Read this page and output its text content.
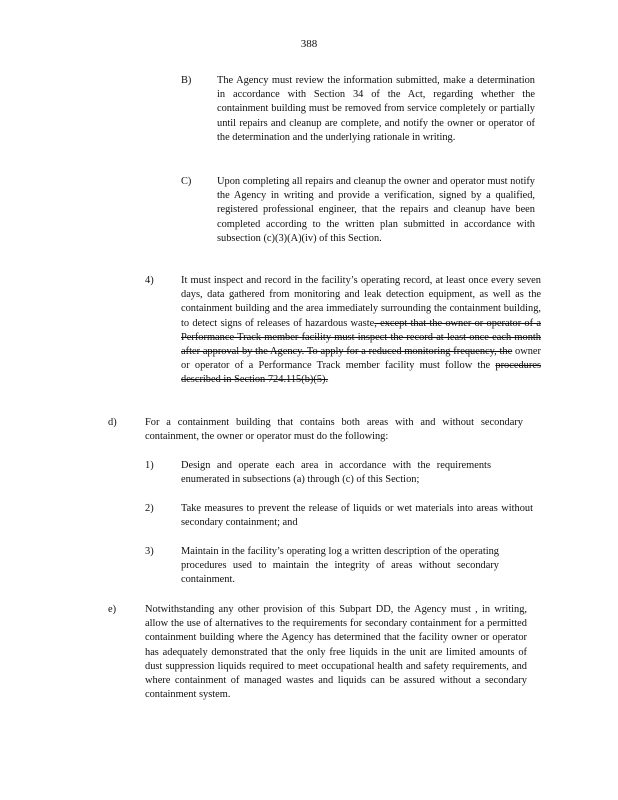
388
B) The Agency must review the information submitted, make a determination in accordance with Section 34 of the Act, regarding whether the containment building must be removed from service completely or partially until repairs and cleanup are complete, and notify the owner or operator of the determination and the underlying rationale in writing.
C) Upon completing all repairs and cleanup the owner and operator must notify the Agency in writing and provide a verification, signed by a qualified, registered professional engineer, that the repairs and cleanup have been completed according to the written plan submitted in accordance with subsection (c)(3)(A)(iv) of this Section.
4)	It must inspect and record in the facility’s operating record, at least once every seven days, data gathered from monitoring and leak detection equipment, as well as the containment building and the area immediately surrounding the containment building, to detect signs of releases of hazardous waste, except that the owner or operator of a Performance Track member facility must inspect the record at least once each month after approval by the Agency. To apply for a reduced monitoring frequency, the owner or operator of a Performance Track member facility must follow the procedures described in Section 724.115(b)(5).
d)	For a containment building that contains both areas with and without secondary containment, the owner or operator must do the following:
1)	Design and operate each area in accordance with the requirements enumerated in subsections (a) through (c) of this Section;
2)	Take measures to prevent the release of liquids or wet materials into areas without secondary containment; and
3)	Maintain in the facility’s operating log a written description of the operating procedures used to maintain the integrity of areas without secondary containment.
e)	Notwithstanding any other provision of this Subpart DD, the Agency must , in writing, allow the use of alternatives to the requirements for secondary containment for a permitted containment building where the Agency has determined that the facility owner or operator has adequately demonstrated that the only free liquids in the unit are limited amounts of dust suppression liquids required to meet occupational health and safety requirements, and where containment of managed wastes and liquids can be assured without a secondary containment system.
